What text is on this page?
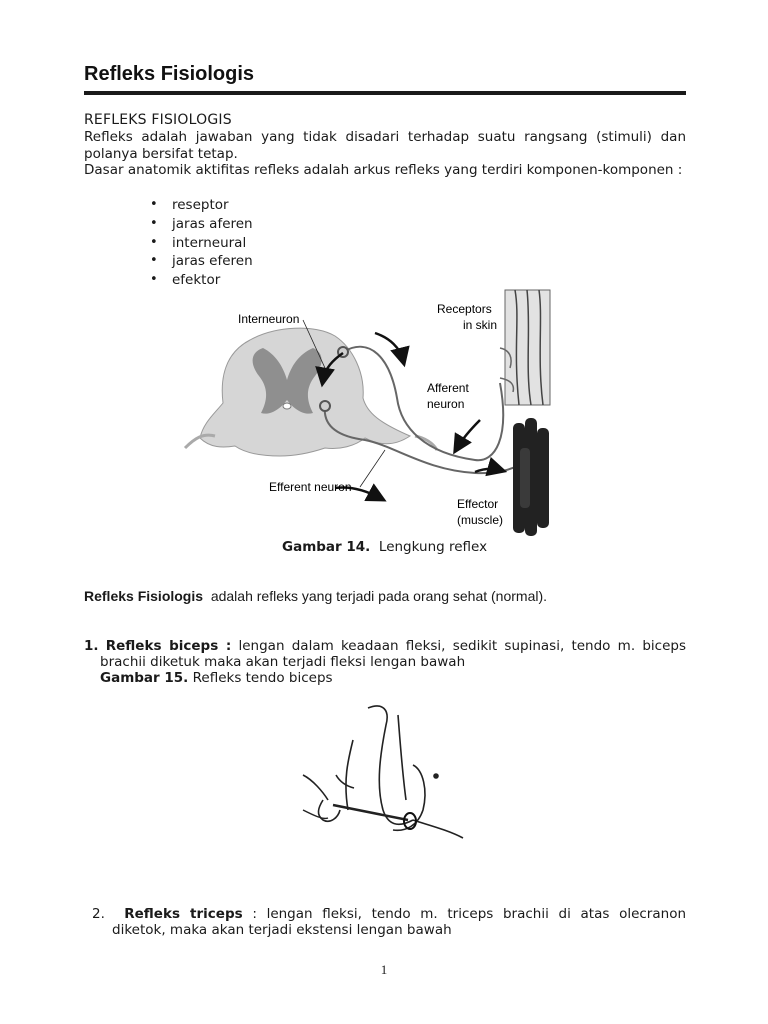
Refleks Fisiologis
REFLEKS FISIOLOGIS
Refleks adalah jawaban yang tidak disadari terhadap suatu rangsang (stimuli) dan polanya bersifat tetap.
Dasar anatomik aktifitas refleks adalah arkus refleks yang terdiri komponen-komponen :
• reseptor
• jaras aferen
• interneural
• jaras eferen
• efektor
Interneuron
Receptors
in skin
Afferent
neuron
Efferent neuron
Effector
(muscle)
Gambar 14. Lengkung reflex
Refleks Fisiologis adalah refleks yang terjadi pada orang sehat (normal).
1. Refleks biceps : lengan dalam keadaan fleksi, sedikit supinasi, tendo m. biceps
brachii diketuk maka akan terjadi fleksi lengan bawah
Gambar 15. Refleks tendo biceps
2. Refleks triceps : lengan fleksi, tendo m. triceps brachii di atas olecranon
diketok, maka akan terjadi ekstensi lengan bawah
1
